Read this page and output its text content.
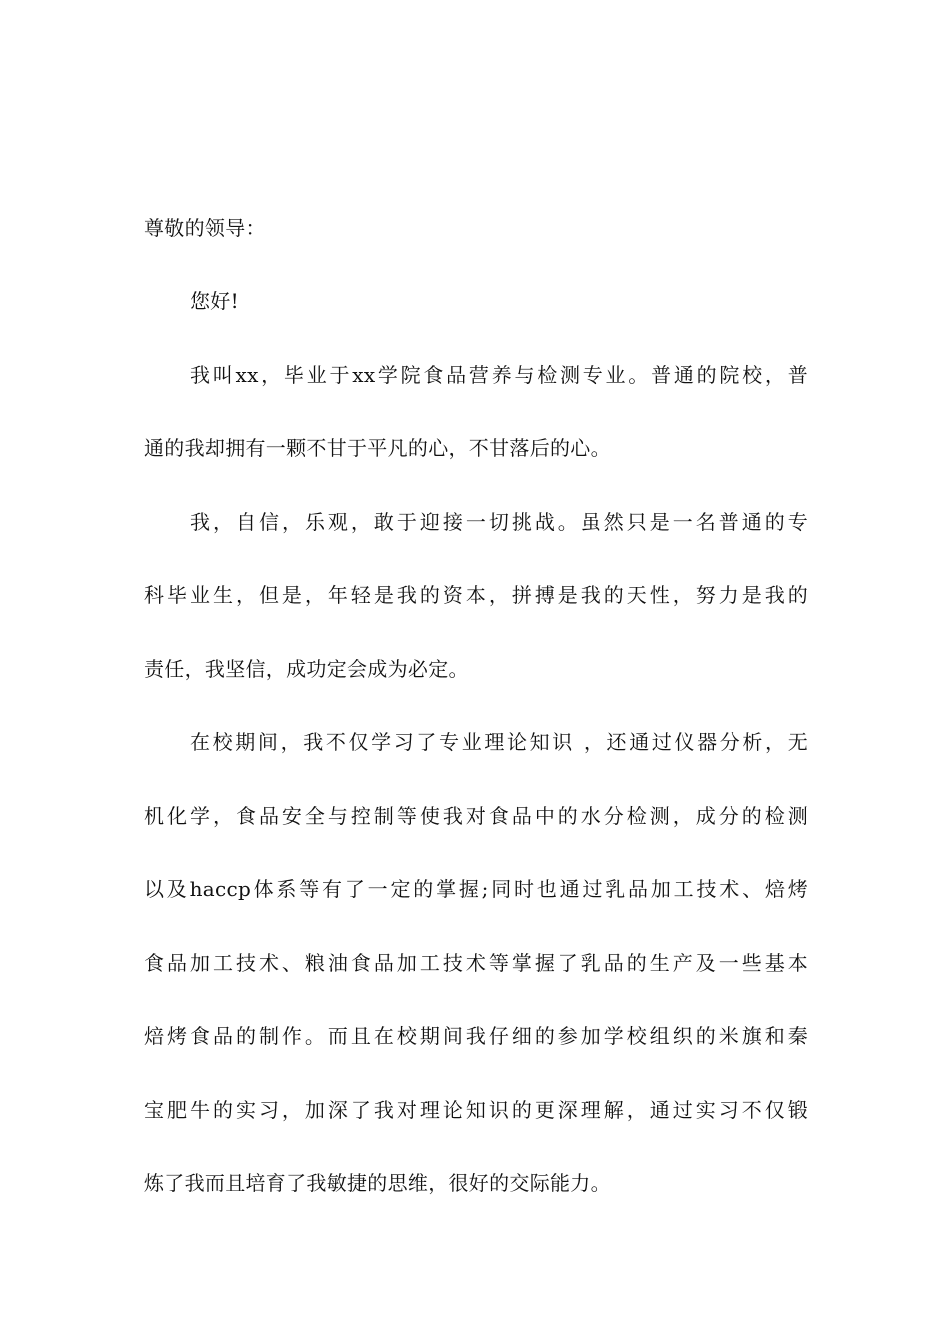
尊敬的领导：
您好!
我叫xx，毕业于xx学院食品营养与检测专业。普通的院校，普
通的我却拥有一颗不甘于平凡的心，不甘落后的心。
我，自信，乐观，敢于迎接一切挑战。虽然只是一名普通的专
科毕业生，但是，年轻是我的资本，拼搏是我的天性，努力是我的
责任，我坚信，成功定会成为必定。
在校期间，我不仅学习了专业理论知识 ，还通过仪器分析，无
机化学，食品安全与控制等使我对食品中的水分检测，成分的检测
以及haccp体系等有了一定的掌握;同时也通过乳品加工技术、焙烤
食品加工技术、粮油食品加工技术等掌握了乳品的生产及一些基本
焙烤食品的制作。而且在校期间我仔细的参加学校组织的米旗和秦
宝肥牛的实习，加深了我对理论知识的更深理解，通过实习不仅锻
炼了我而且培育了我敏捷的思维，很好的交际能力。
